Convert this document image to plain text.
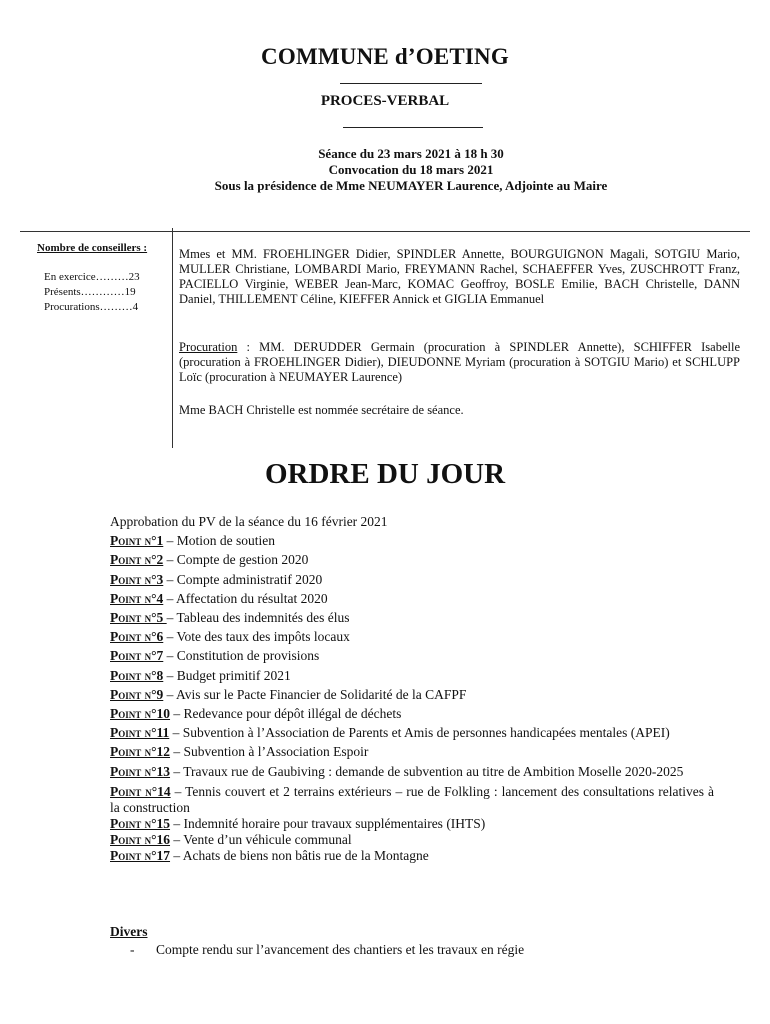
COMMUNE d’OETING
PROCES-VERBAL
Séance du 23 mars 2021 à 18 h 30
Convocation du 18 mars 2021
Sous la présidence de Mme NEUMAYER Laurence, Adjointe au Maire
Nombre de conseillers :
En exercice………23
Présents…………19
Procurations………4
Mmes et MM. FROEHLINGER Didier, SPINDLER Annette, BOURGUIGNON Magali, SOTGIU Mario, MULLER Christiane, LOMBARDI Mario, FREYMANN Rachel, SCHAEFFER Yves, ZUSCHROTT Franz, PACIELLO Virginie, WEBER Jean-Marc, KOMAC Geoffroy, BOSLE Emilie, BACH Christelle, DANN Daniel, THILLEMENT Céline, KIEFFER Annick et GIGLIA Emmanuel
Procuration : MM. DERUDDER Germain (procuration à SPINDLER Annette), SCHIFFER Isabelle (procuration à FROEHLINGER Didier), DIEUDONNE Myriam (procuration à SOTGIU Mario) et SCHLUPP Loïc (procuration à NEUMAYER Laurence)
Mme BACH Christelle est nommée secrétaire de séance.
ORDRE DU JOUR
Approbation du PV de la séance du 16 février 2021
Point n°1 – Motion de soutien
Point n°2 – Compte de gestion 2020
Point n°3 – Compte administratif 2020
Point n°4 – Affectation du résultat 2020
Point n°5 – Tableau des indemnités des élus
Point n°6 – Vote des taux des impôts locaux
Point n°7 – Constitution de provisions
Point n°8 – Budget primitif 2021
Point n°9 – Avis sur le Pacte Financier de Solidarité de la CAFPF
Point n°10 – Redevance pour dépôt illégal de déchets
Point n°11 – Subvention à l’Association de Parents et Amis de personnes handicapées mentales (APEI)
Point n°12 – Subvention à l’Association Espoir
Point n°13 – Travaux rue de Gaubiving : demande de subvention au titre de Ambition Moselle 2020-2025
Point n°14 – Tennis couvert et 2 terrains extérieurs – rue de Folkling : lancement des consultations relatives à la construction
Point n°15 – Indemnité horaire pour travaux supplémentaires (IHTS)
Point n°16 – Vente d’un véhicule communal
Point n°17 – Achats de biens non bâtis rue de la Montagne
Divers
- Compte rendu sur l’avancement des chantiers et les travaux en régie
